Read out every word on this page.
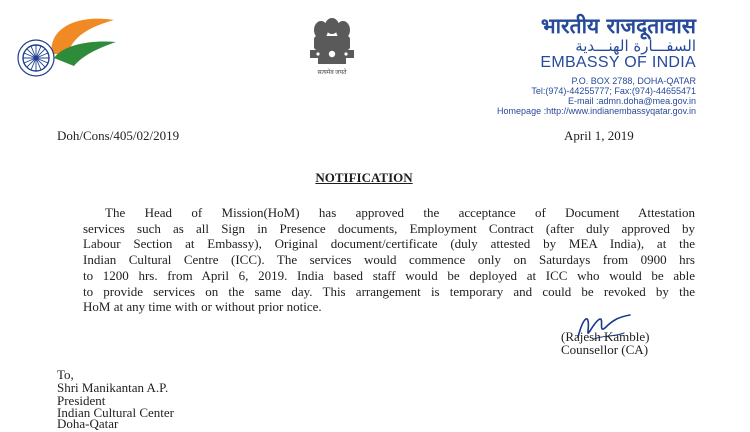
सत्यमेव जयते
भारतीय राजदूतावास
السفـــارة الهنـــدية
EMBASSY OF INDIA
P.O. BOX 2788, DOHA-QATAR
Tel:(974)-44255777; Fax:(974)-44655471
E-mail :admn.doha@mea.gov.in
Homepage :http://www.indianembassyqatar.gov.in
Doh/Cons/405/02/2019	April 1, 2019
NOTIFICATION
The Head of Mission(HoM) has approved the acceptance of Document Attestation
services such as all Sign in Presence documents, Employment Contract (after duly approved by
Labour Section at Embassy), Original document/certificate (duly attested by MEA India), at the
Indian Cultural Centre (ICC). The services would commence only on Saturdays from 0900 hrs
to 1200 hrs. from April 6, 2019. India based staff would be deployed at ICC who would be able
to provide services on the same day. This arrangement is temporary and could be revoked by the
HoM at any time with or without prior notice.
(Rajesh Kamble)
Counsellor (CA)
To,
Shri Manikantan A.P.
President
Indian Cultural Center
Doha-Qatar
